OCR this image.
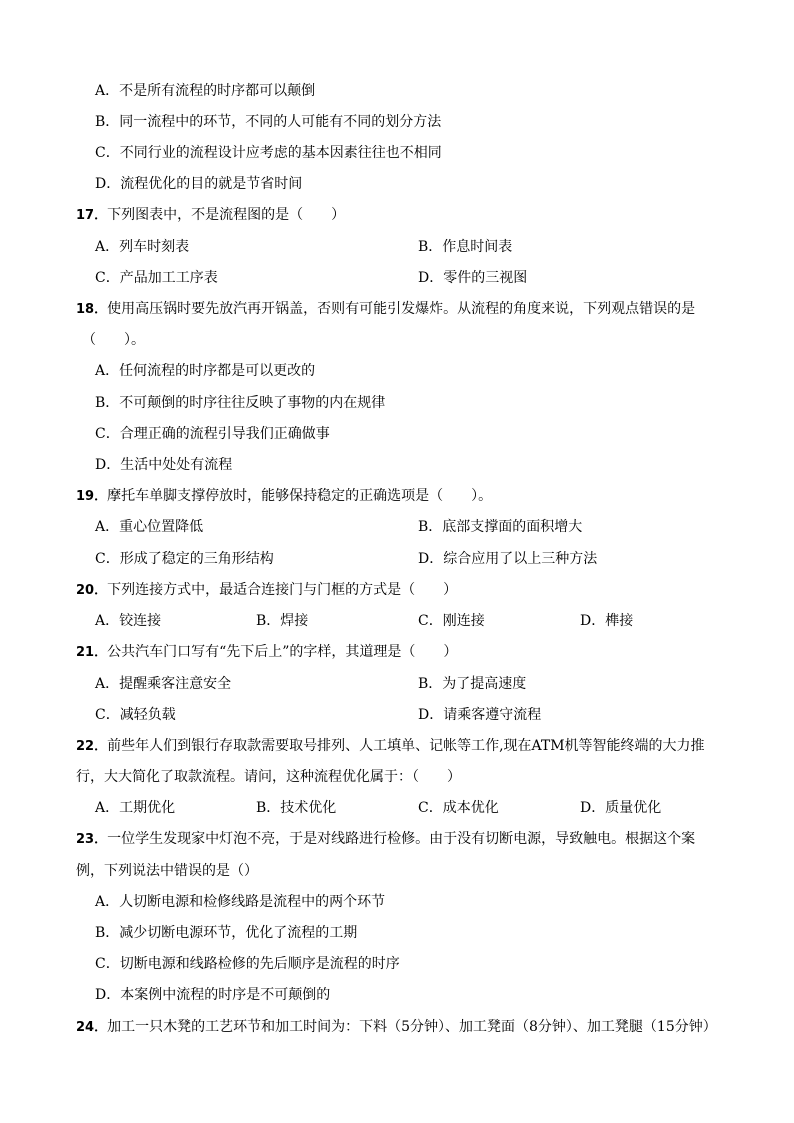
A．不是所有流程的时序都可以颠倒
B．同一流程中的环节，不同的人可能有不同的划分方法
C．不同行业的流程设计应考虑的基本因素往往也不相同
D．流程优化的目的就是节省时间
17．下列图表中，不是流程图的是（　　）
A．列车时刻表	B．作息时间表
C．产品加工工序表	D．零件的三视图
18．使用高压锅时要先放汽再开锅盖，否则有可能引发爆炸。从流程的角度来说，下列观点错误的是
（　　）。
A．任何流程的时序都是可以更改的
B．不可颠倒的时序往往反映了事物的内在规律
C．合理正确的流程引导我们正确做事
D．生活中处处有流程
19．摩托车单脚支撑停放时，能够保持稳定的正确选项是（　　）。
A．重心位置降低	B．底部支撑面的面积增大
C．形成了稳定的三角形结构	D．综合应用了以上三种方法
20．下列连接方式中，最适合连接门与门框的方式是（　　）
A．铰连接	B．焊接	C．刚连接	D．榫接
21．公共汽车门口写有“先下后上”的字样，其道理是（　　）
A．提醒乘客注意安全	B．为了提高速度
C．减轻负载	D．请乘客遵守流程
22．前些年人们到银行存取款需要取号排列、人工填单、记帐等工作,现在ATM机等智能终端的大力推
行，大大简化了取款流程。请问，这种流程优化属于：（　　）
A．工期优化	B．技术优化	C．成本优化	D．质量优化
23．一位学生发现家中灯泡不亮，于是对线路进行检修。由于没有切断电源，导致触电。根据这个案
例，下列说法中错误的是（）
A．人切断电源和检修线路是流程中的两个环节
B．减少切断电源环节，优化了流程的工期
C．切断电源和线路检修的先后顺序是流程的时序
D．本案例中流程的时序是不可颠倒的
24．加工一只木凳的工艺环节和加工时间为：下料（5分钟）、加工凳面（8分钟）、加工凳腿（15分钟）
